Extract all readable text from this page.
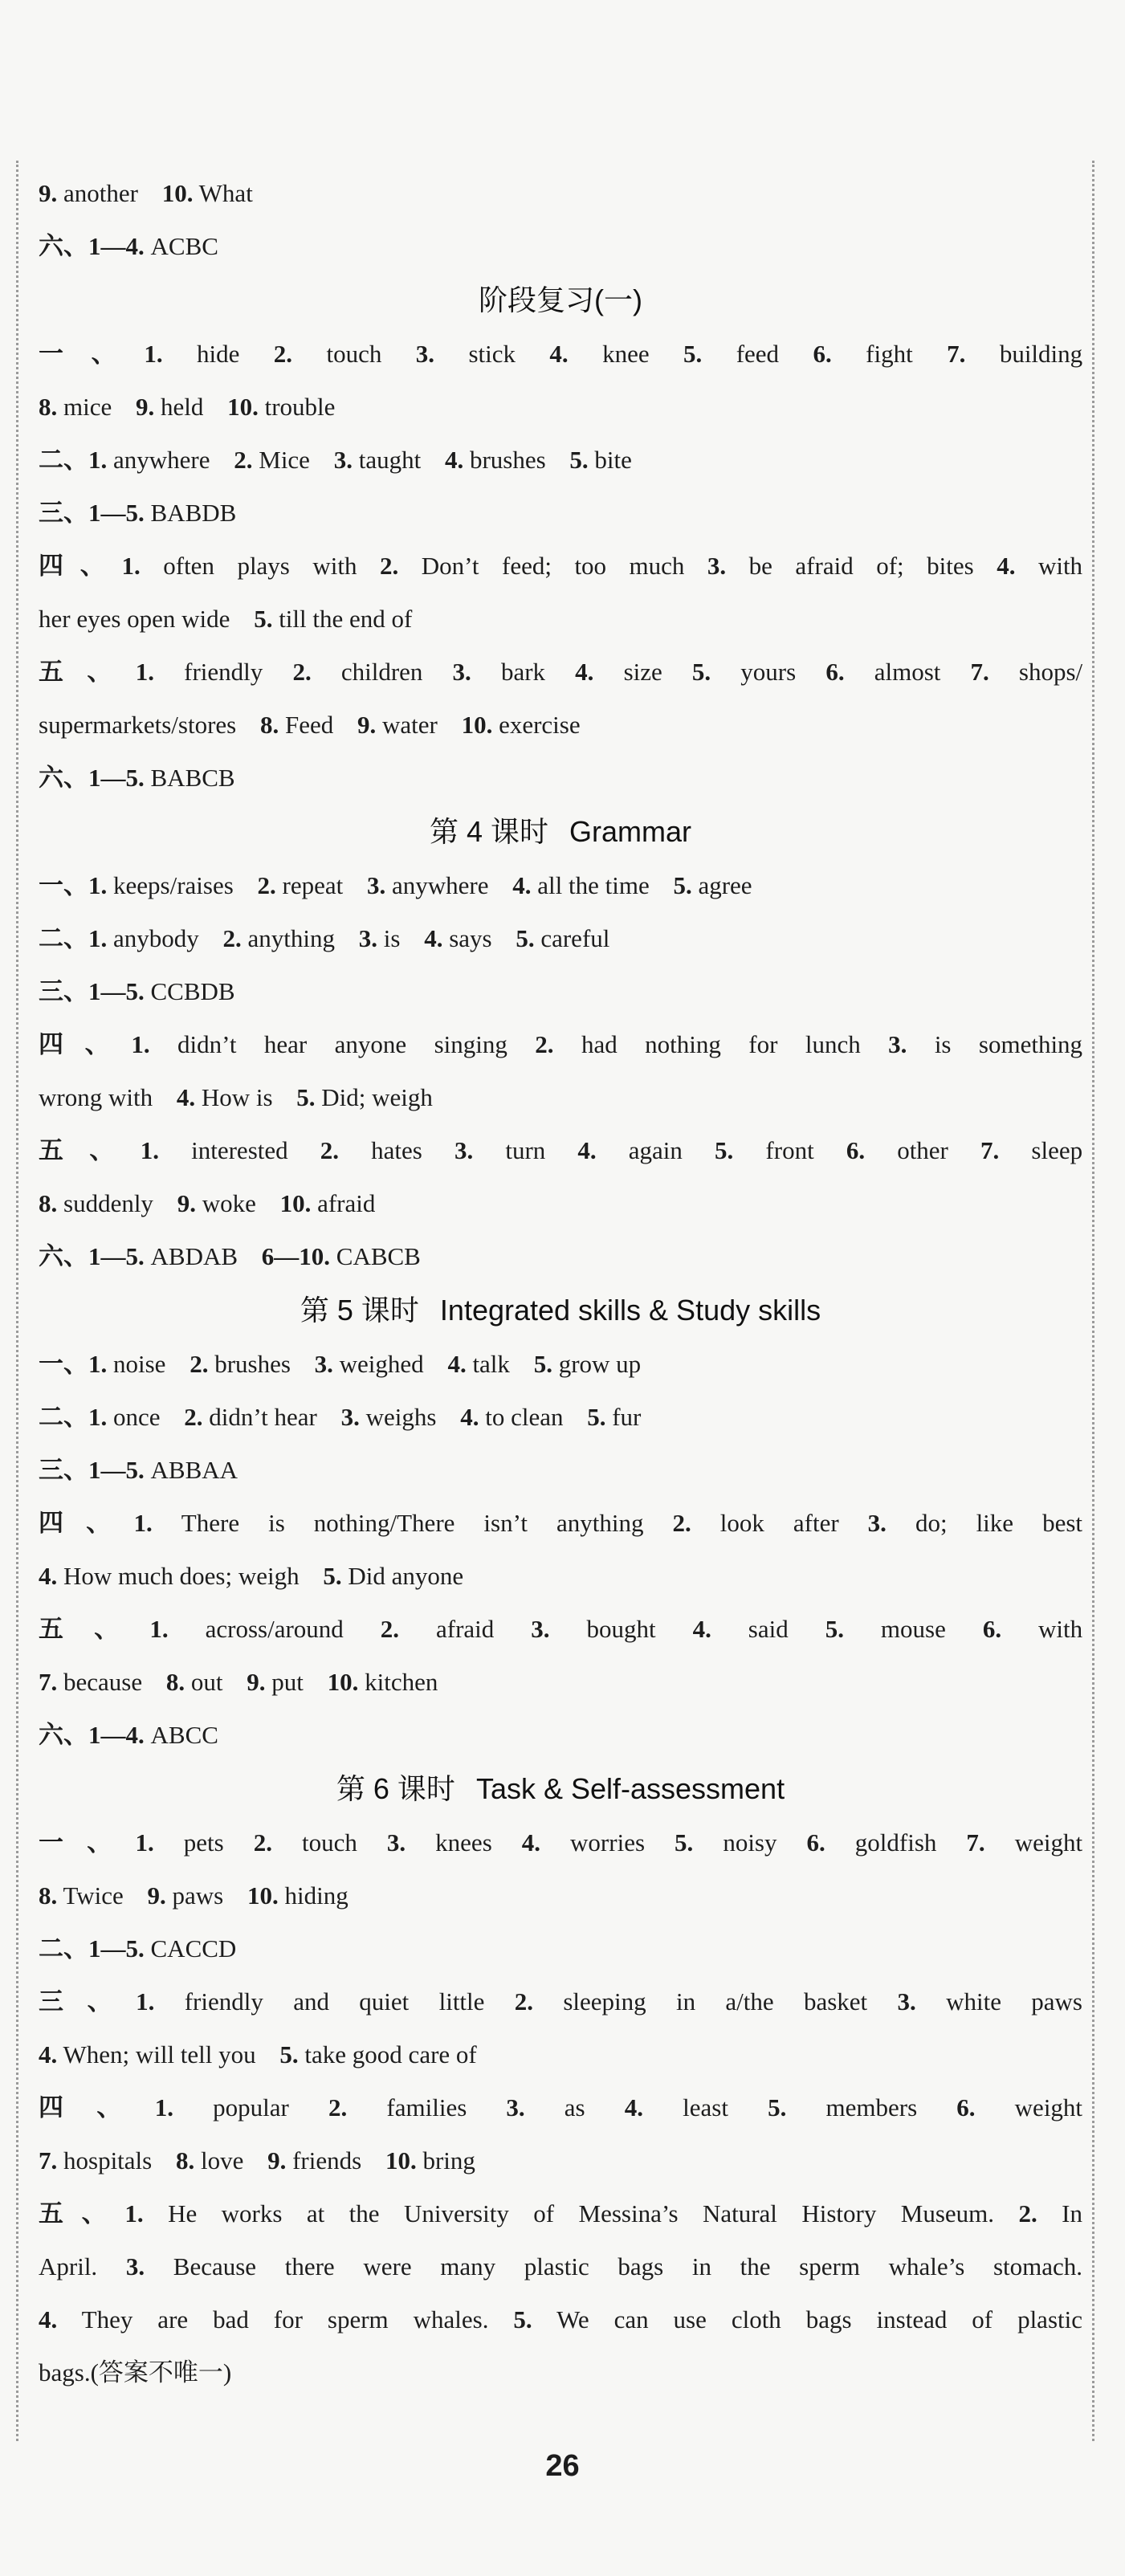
9. another 10. What
六、1—4. ACBC
阶段复习(一)
一、1. hide 2. touch 3. stick 4. knee 5. feed 6. fight 7. building
8. mice 9. held 10. trouble
二、1. anywhere 2. Mice 3. taught 4. brushes 5. bite
三、1—5. BABDB
四、1. often plays with 2. Don’t feed; too much 3. be afraid of; bites 4. with
her eyes open wide 5. till the end of
五、1. friendly 2. children 3. bark 4. size 5. yours 6. almost 7. shops/
supermarkets/stores 8. Feed 9. water 10. exercise
六、1—5. BABCB
第 4 课时 Grammar
一、1. keeps/raises 2. repeat 3. anywhere 4. all the time 5. agree
二、1. anybody 2. anything 3. is 4. says 5. careful
三、1—5. CCBDB
四、1. didn’t hear anyone singing 2. had nothing for lunch 3. is something
wrong with 4. How is 5. Did; weigh
五、1. interested 2. hates 3. turn 4. again 5. front 6. other 7. sleep
8. suddenly 9. woke 10. afraid
六、1—5. ABDAB 6—10. CABCB
第 5 课时 Integrated skills & Study skills
一、1. noise 2. brushes 3. weighed 4. talk 5. grow up
二、1. once 2. didn’t hear 3. weighs 4. to clean 5. fur
三、1—5. ABBAA
四、1. There is nothing/There isn’t anything 2. look after 3. do; like best
4. How much does; weigh 5. Did anyone
五、1. across/around 2. afraid 3. bought 4. said 5. mouse 6. with
7. because 8. out 9. put 10. kitchen
六、1—4. ABCC
第 6 课时 Task & Self-assessment
一、1. pets 2. touch 3. knees 4. worries 5. noisy 6. goldfish 7. weight
8. Twice 9. paws 10. hiding
二、1—5. CACCD
三、1. friendly and quiet little 2. sleeping in a/the basket 3. white paws
4. When; will tell you 5. take good care of
四、1. popular 2. families 3. as 4. least 5. members 6. weight
7. hospitals 8. love 9. friends 10. bring
五、1. He works at the University of Messina’s Natural History Museum. 2. In
April. 3. Because there were many plastic bags in the sperm whale’s stomach.
4. They are bad for sperm whales. 5. We can use cloth bags instead of plastic
bags.(答案不唯一)
26
